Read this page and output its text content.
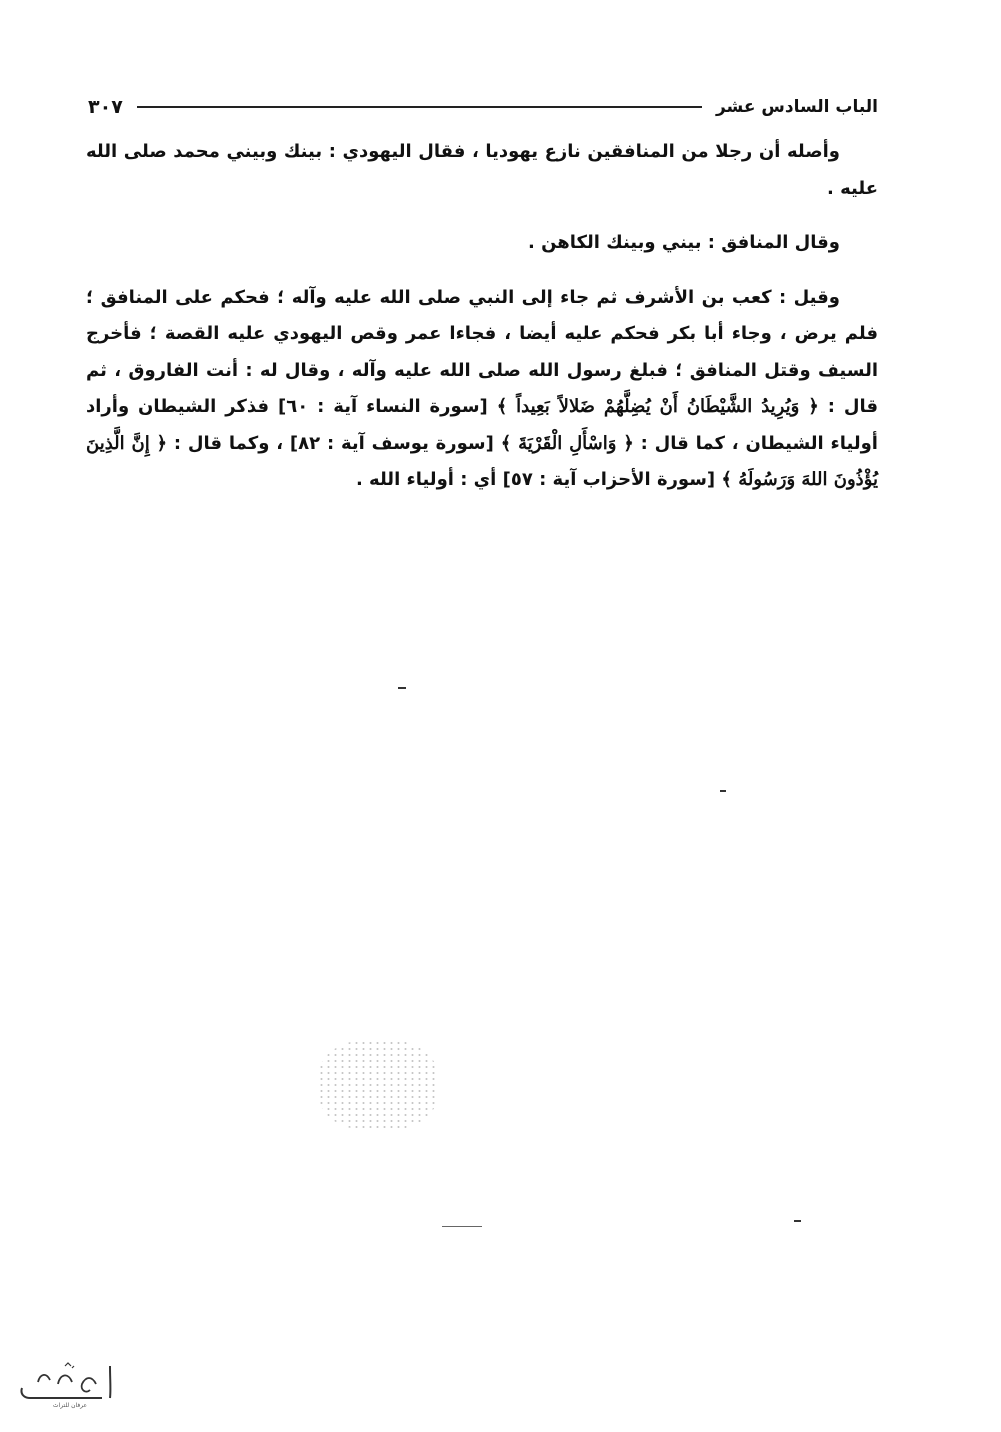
الباب السادس عشر
٣٠٧

وأصله أن رجلا من المنافقين نازع يهوديا ، فقال اليهودي : بينك وبيني محمد صلى الله عليه .

وقال المنافق : بيني وبينك الكاهن .

وقيل : كعب بن الأشرف ثم جاء إلى النبي صلى الله عليه وآله ؛ فحكم على المنافق ؛ فلم يرض ، وجاء أبا بكر فحكم عليه أيضا ، فجاءا عمر وقص اليهودي عليه القصة ؛ فأخرج السيف وقتل المنافق ؛ فبلغ رسول الله صلى الله عليه وآله ، وقال له : أنت الفاروق ، ثم قال : ﴿ وَيُرِيدُ الشَّيْطَانُ أَنْ يُضِلَّهُمْ ضَلالاً بَعِيداً ﴾ [سورة النساء آية : ٦٠] فذكر الشيطان وأراد أولياء الشيطان ، كما قال : ﴿ وَاسْأَلِ الْقَرْيَةَ ﴾ [سورة يوسف آية : ٨٢] ، وكما قال : ﴿ إِنَّ الَّذِينَ يُؤْذُونَ اللهَ وَرَسُولَهُ ﴾ [سورة الأحزاب آية : ٥٧] أي : أولياء الله .

عرفان للتراث
